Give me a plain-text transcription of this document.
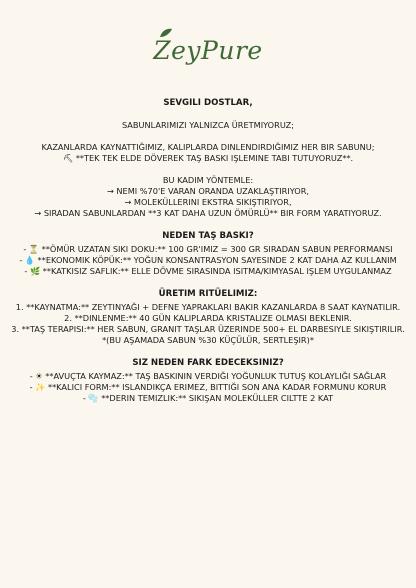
ZeyPure

SEVGILI DOSTLAR,

SABUNLARIMIZI YALNIZCA ÜRETMIYORUZ;

KAZANLARDA KAYNATTIĞIMIZ, KALIPLARDA DINLENDIRDIĞIMIZ HER BIR SABUNU;

⛏ **TEK TEK ELDE DÖVEREK TAŞ BASKI IŞLEMINE TABI TUTUYORUZ**.

BU KADIM YÖNTEMLE:

→ NEMI %70'E VARAN ORANDA UZAKLAŞTIRIYOR,

→ MOLEKÜLLERINI EKSTRA SIKIŞTIRIYOR,

→ SIRADAN SABUNLARDAN **3 KAT DAHA UZUN ÖMÜRLÜ** BIR FORM YARATIYORUZ.

NEDEN TAŞ BASKI?

- ⏳ **ÖMÜR UZATAN SIKI DOKU:** 100 GR'IMIZ = 300 GR SIRADAN SABUN PERFORMANSI

- 💧 **EKONOMIK KÖPÜK:** YOĞUN KONSANTRASYON SAYESINDE 2 KAT DAHA AZ KULLANIM

- 🌿 **KATKISIZ SAFLIK:** ELLE DÖVME SIRASINDA ISITMA/KIMYASAL IŞLEM UYGULANMAZ

ÜRETIM RITÜELIMIZ:

1. **KAYNATMA:** ZEYTINYAĞI + DEFNE YAPRAKLARI BAKIR KAZANLARDA 8 SAAT KAYNATILIR.

2. **DINLENME:** 40 GÜN KALIPLARDA KRISTALIZE OLMASI BEKLENIR.

3. **TAŞ TERAPISI:** HER SABUN, GRANIT TAŞLAR ÜZERINDE 500+ EL DARBESIYLE SIKIŞTIRILIR.

*(BU AŞAMADA SABUN %30 KÜÇÜLÜR, SERTLEŞIR)*

SIZ NEDEN FARK EDECEKSINIZ?

- ☀ **AVUÇTA KAYMAZ:** TAŞ BASKININ VERDIĞI YOĞUNLUK TUTUŞ KOLAYLIĞI SAĞLAR

- ✨ **KALICI FORM:** ISLANDIKÇA ERIMEZ, BITTIĞI SON ANA KADAR FORMUNU KORUR

- 🫧 **DERIN TEMIZLIK:** SIKIŞAN MOLEKÜLLER CILTTE 2 KAT
